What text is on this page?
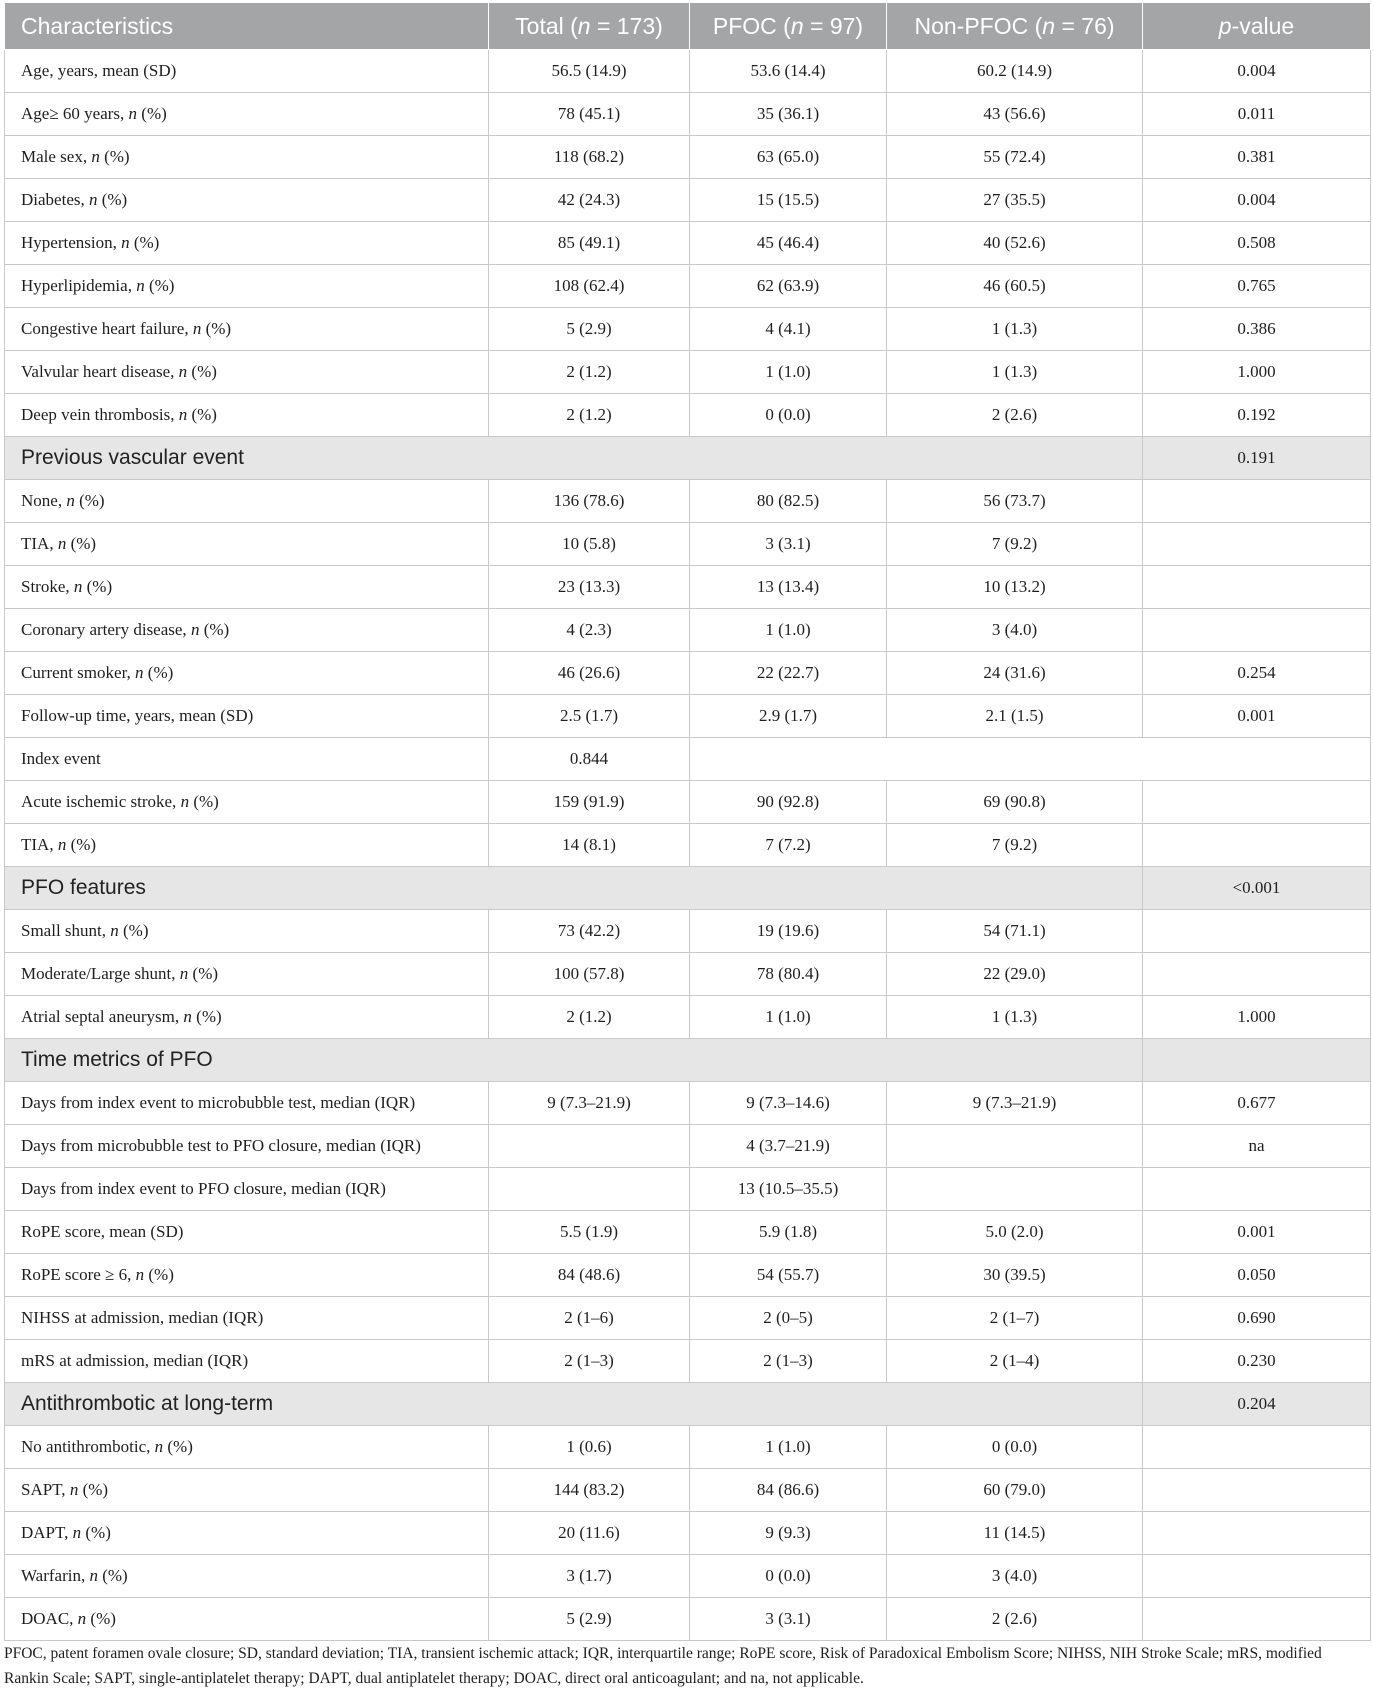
Characteristics	Total (n = 173)	PFOC (n = 97)	Non-PFOC (n = 76)	p-value
Age, years, mean (SD)	56.5 (14.9)	53.6 (14.4)	60.2 (14.9)	0.004
Age≥ 60 years, n (%)	78 (45.1)	35 (36.1)	43 (56.6)	0.011
Male sex, n (%)	118 (68.2)	63 (65.0)	55 (72.4)	0.381
Diabetes, n (%)	42 (24.3)	15 (15.5)	27 (35.5)	0.004
Hypertension, n (%)	85 (49.1)	45 (46.4)	40 (52.6)	0.508
Hyperlipidemia, n (%)	108 (62.4)	62 (63.9)	46 (60.5)	0.765
Congestive heart failure, n (%)	5 (2.9)	4 (4.1)	1 (1.3)	0.386
Valvular heart disease, n (%)	2 (1.2)	1 (1.0)	1 (1.3)	1.000
Deep vein thrombosis, n (%)	2 (1.2)	0 (0.0)	2 (2.6)	0.192
Previous vascular event				0.191
None, n (%)	136 (78.6)	80 (82.5)	56 (73.7)	
TIA, n (%)	10 (5.8)	3 (3.1)	7 (9.2)	
Stroke, n (%)	23 (13.3)	13 (13.4)	10 (13.2)	
Coronary artery disease, n (%)	4 (2.3)	1 (1.0)	3 (4.0)	
Current smoker, n (%)	46 (26.6)	22 (22.7)	24 (31.6)	0.254
Follow-up time, years, mean (SD)	2.5 (1.7)	2.9 (1.7)	2.1 (1.5)	0.001
Index event	0.844			
Acute ischemic stroke, n (%)	159 (91.9)	90 (92.8)	69 (90.8)	
TIA, n (%)	14 (8.1)	7 (7.2)	7 (9.2)	
PFO features				<0.001
Small shunt, n (%)	73 (42.2)	19 (19.6)	54 (71.1)	
Moderate/Large shunt, n (%)	100 (57.8)	78 (80.4)	22 (29.0)	
Atrial septal aneurysm, n (%)	2 (1.2)	1 (1.0)	1 (1.3)	1.000
Time metrics of PFO				
Days from index event to microbubble test, median (IQR)	9 (7.3–21.9)	9 (7.3–14.6)	9 (7.3–21.9)	0.677
Days from microbubble test to PFO closure, median (IQR)		4 (3.7–21.9)		na
Days from index event to PFO closure, median (IQR)		13 (10.5–35.5)		
RoPE score, mean (SD)	5.5 (1.9)	5.9 (1.8)	5.0 (2.0)	0.001
RoPE score ≥ 6, n (%)	84 (48.6)	54 (55.7)	30 (39.5)	0.050
NIHSS at admission, median (IQR)	2 (1–6)	2 (0–5)	2 (1–7)	0.690
mRS at admission, median (IQR)	2 (1–3)	2 (1–3)	2 (1–4)	0.230
Antithrombotic at long-term				0.204
No antithrombotic, n (%)	1 (0.6)	1 (1.0)	0 (0.0)	
SAPT, n (%)	144 (83.2)	84 (86.6)	60 (79.0)	
DAPT, n (%)	20 (11.6)	9 (9.3)	11 (14.5)	
Warfarin, n (%)	3 (1.7)	0 (0.0)	3 (4.0)	
DOAC, n (%)	5 (2.9)	3 (3.1)	2 (2.6)	
PFOC, patent foramen ovale closure; SD, standard deviation; TIA, transient ischemic attack; IQR, interquartile range; RoPE score, Risk of Paradoxical Embolism Score; NIHSS, NIH Stroke Scale; mRS, modified Rankin Scale; SAPT, single-antiplatelet therapy; DAPT, dual antiplatelet therapy; DOAC, direct oral anticoagulant; and na, not applicable.
